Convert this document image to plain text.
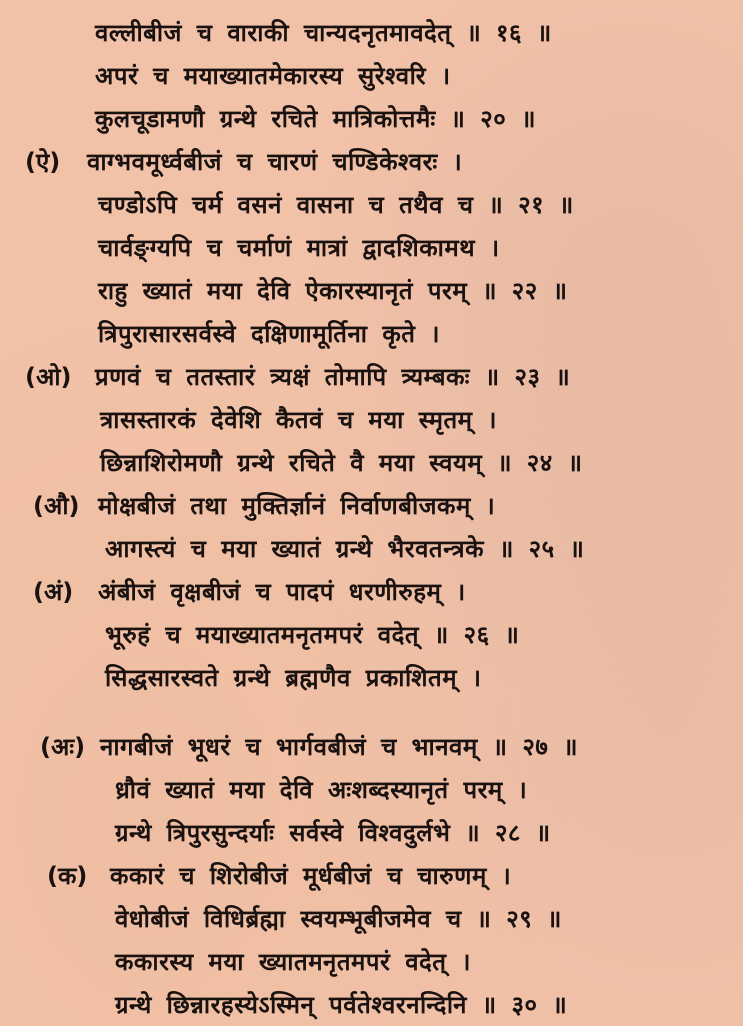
वल्लीबीजं च वाराकी चान्यदनृतमावदेत् ॥ १६ ॥
अपरं च मयाख्यातमेकारस्य सुरेश्वरि ।
कुलचूडामणौ ग्रन्थे रचिते मात्रिकोत्तमैः ॥ २० ॥
(ऐ) वाग्भवमूर्ध्वबीजं च चारणं चण्डिकेश्वरः ।
चण्डोऽपि चर्म वसनं वासना च तथैव च ॥ २१ ॥
चार्वङ्ग्यपि च चर्माणं मात्रां द्वादशिकामथ ।
राहु ख्यातं मया देवि ऐकारस्यानृतं परम् ॥ २२ ॥
त्रिपुरासारसर्वस्वे दक्षिणामूर्तिना कृते ।
(ओ) प्रणवं च ततस्तारं त्र्यक्षं तोमापि त्र्यम्बकः ॥ २३ ॥
त्रासस्तारकं देवेशि कैतवं च मया स्मृतम् ।
छिन्नाशिरोमणौ ग्रन्थे रचिते वै मया स्वयम् ॥ २४ ॥
(औ) मोक्षबीजं तथा मुक्तिर्ज्ञानं निर्वाणबीजकम् ।
आगस्त्यं च मया ख्यातं ग्रन्थे भैरवतन्त्रके ॥ २५ ॥
(अं) अंबीजं वृक्षबीजं च पादपं धरणीरुहम् ।
भूरुहं च मयाख्यातमनृतमपरं वदेत् ॥ २६ ॥
सिद्धसारस्वते ग्रन्थे ब्रह्मणैव प्रकाशितम् ।
(अः) नागबीजं भूधरं च भार्गवबीजं च भानवम् ॥ २७ ॥
ध्रौवं ख्यातं मया देवि अःशब्दस्यानृतं परम् ।
ग्रन्थे त्रिपुरसुन्दर्याः सर्वस्वे विश्वदुर्लभे ॥ २८ ॥
(क) ककारं च शिरोबीजं मूर्धबीजं च चारुणम् ।
वेधोबीजं विधिर्ब्रह्मा स्वयम्भूबीजमेव च ॥ २९ ॥
ककारस्य मया ख्यातमनृतमपरं वदेत् ।
ग्रन्थे छिन्नारहस्येऽस्मिन् पर्वतेश्वरनन्दिनि ॥ ३० ॥
